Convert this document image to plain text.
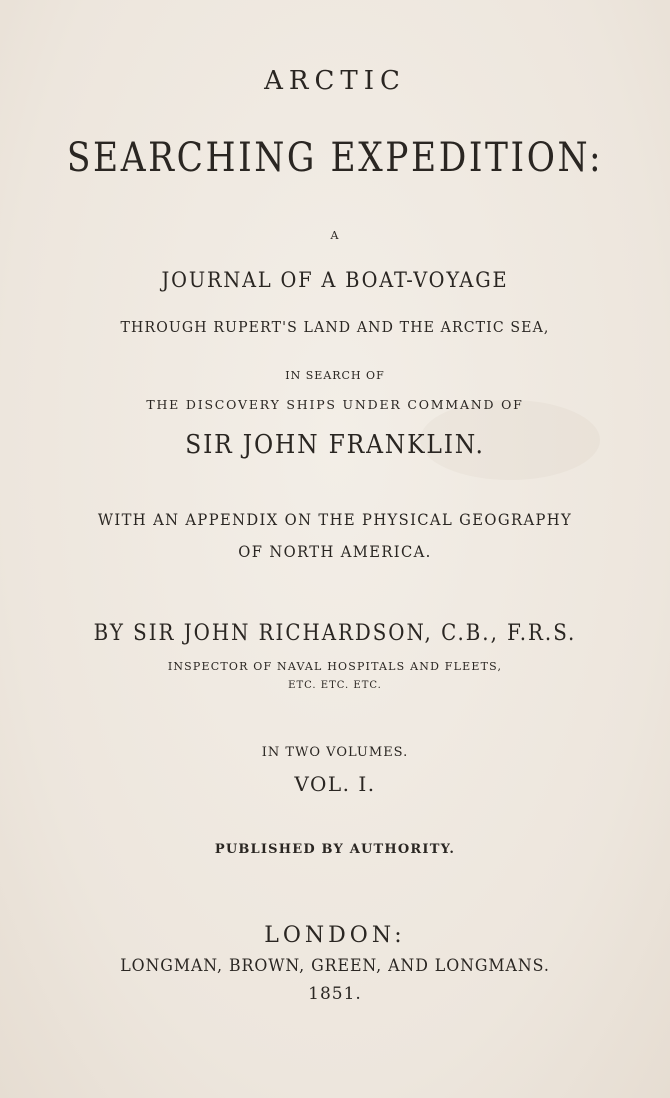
ARCTIC
SEARCHING EXPEDITION:
A
JOURNAL OF A BOAT-VOYAGE
THROUGH RUPERT'S LAND AND THE ARCTIC SEA,
IN SEARCH OF
THE DISCOVERY SHIPS UNDER COMMAND OF
SIR JOHN FRANKLIN.
WITH AN APPENDIX ON THE PHYSICAL GEOGRAPHY
OF NORTH AMERICA.
BY SIR JOHN RICHARDSON, C.B., F.R.S.
INSPECTOR OF NAVAL HOSPITALS AND FLEETS,
ETC. ETC. ETC.
IN TWO VOLUMES.
VOL. I.
PUBLISHED BY AUTHORITY.
LONDON:
LONGMAN, BROWN, GREEN, AND LONGMANS.
1851.
